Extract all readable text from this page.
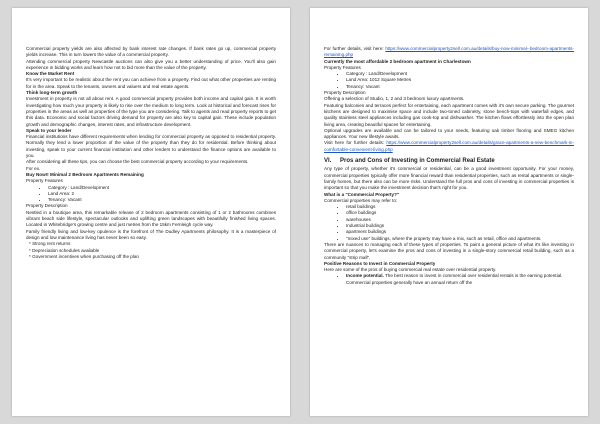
Commercial property yields are also affected by bank interest rate changes. If bank rates go up, commercial property yields increase. This in turn lowers the value of a commercial property.

Attending commercial property Newcastle auctions can also give you a better understanding of price. You'll also gain experience in bidding works and learn how not to bid more than the value of the property.

Know the Market Rent

It's very important to be realistic about the rent you can achieve from a property. Find out what other properties are renting for in the area. Speak to the tenants, owners and valuers and real estate agents.

Think long-term growth

Investment in property is not all about rent. A good commercial property provides both income and capital gain. It is worth investigating how much your property is likely to rise over the medium to long term. Look at historical and forecast rises for properties in the areas as well as properties of the type you are considering. Talk to agents and read property reports to get this data. Economic and social factors driving demand for property are also key to capital gain. These include population growth and demographic changes, interest rates, and infrastructure development.

Speak to your lender

Financial institutions have different requirements when lending for commercial property as opposed to residential property. Normally they lend a lower proportion of the value of the property than they do for residential. Before thinking about investing, speak to your current financial institution and other lenders to understand the finance options are available to you.

After considering all these tips, you can choose the best commercial property according to your requirements.

For ex.

Buy Now!! Minimal 2 Bedroom Apartments Remaining

Property Features

• Category : Land/Development
• Land Area: 2
• Tenancy: Vacant

Property Description

Nestled in a boutique area, this remarkable release of 2 bedroom apartments consisting of 1 or 2 bathrooms combines vibrant beach side lifestyle, spectacular outlooks and uplifting green landscapes with beautifully finished living spaces. Located in Whitebridge's growing centre and just metres from the 15km Fernleigh cycle way.

Family friendly living and low-key opulence is the forefront of The Dudley Apartments philosophy. It is a masterpiece of design and low maintenance living has never been so easy.

* Strong rent returns

* Depreciation schedules available

* Government incentives when purchasing off the plan

For further details, visit here: https://www.commercialproperty2sell.com.au/details/buy-now-minimal--bedroom-apartments-remaining.php

Currently the most affordable 2 bedroom apartment in Charlestown

Property Features

• Category : Land/Development
• Land Area: 1012 Square Metres
• Tenancy: Vacant

Property Description

Offering a selection of Studio, 1, 2 and 3 bedroom luxury apartments.

Featuring balconies and terraces perfect for entertaining, each apartment comes with it's own secure parking. The gourmet kitchens are designed to maximise space and include two-toned cabinetry, stone bench-tops with waterfall edges, and quality stainless steel appliances including gas cook-top and dishwasher. The kitchen flows effortlessly into the open plan living area, creating beautiful spaces for entertaining.

Optional upgrades are available and can be tailored to your needs, featuring oak timber flooring and SMEG kitchen appliances. Your new lifestyle awaits.

Visit here for further details: https://www.commercialproperty2sell.com.au/details/grace-apartments-a-new-benchmark-in-comfortable-convenient-living.php

VI. Pros and Cons of Investing in Commercial Real Estate

Any type of property, whether it's commercial or residential, can be a good investment opportunity. For your money, commercial properties typically offer more financial reward than residential properties, such as rental apartments or single-family homes, but there also can be more risks. Understand the full pros and cons of investing in commercial properties is important so that you make the investment decision that's right for you.

What is a "Commercial Property?"

Commercial properties may refer to:

• retail buildings
• office buildings
• warehouses
• Industrial buildings
• apartment buildings
• "mixed use" buildings, where the property may have a mix, such as retail, office and apartments.

There are nuances to managing each of these types of properties. To paint a general picture of what it's like investing in commercial property, let's examine the pros and cons of investing in a single-story commercial retail building, such as a community "strip mall".

Positive Reasons to Invest in Commercial Property

Here are some of the pros of buying commercial real estate over residential property.

• Income potential. The best reason to invest in commercial over residential rentals is the earning potential. Commercial properties generally have an annual return off the
